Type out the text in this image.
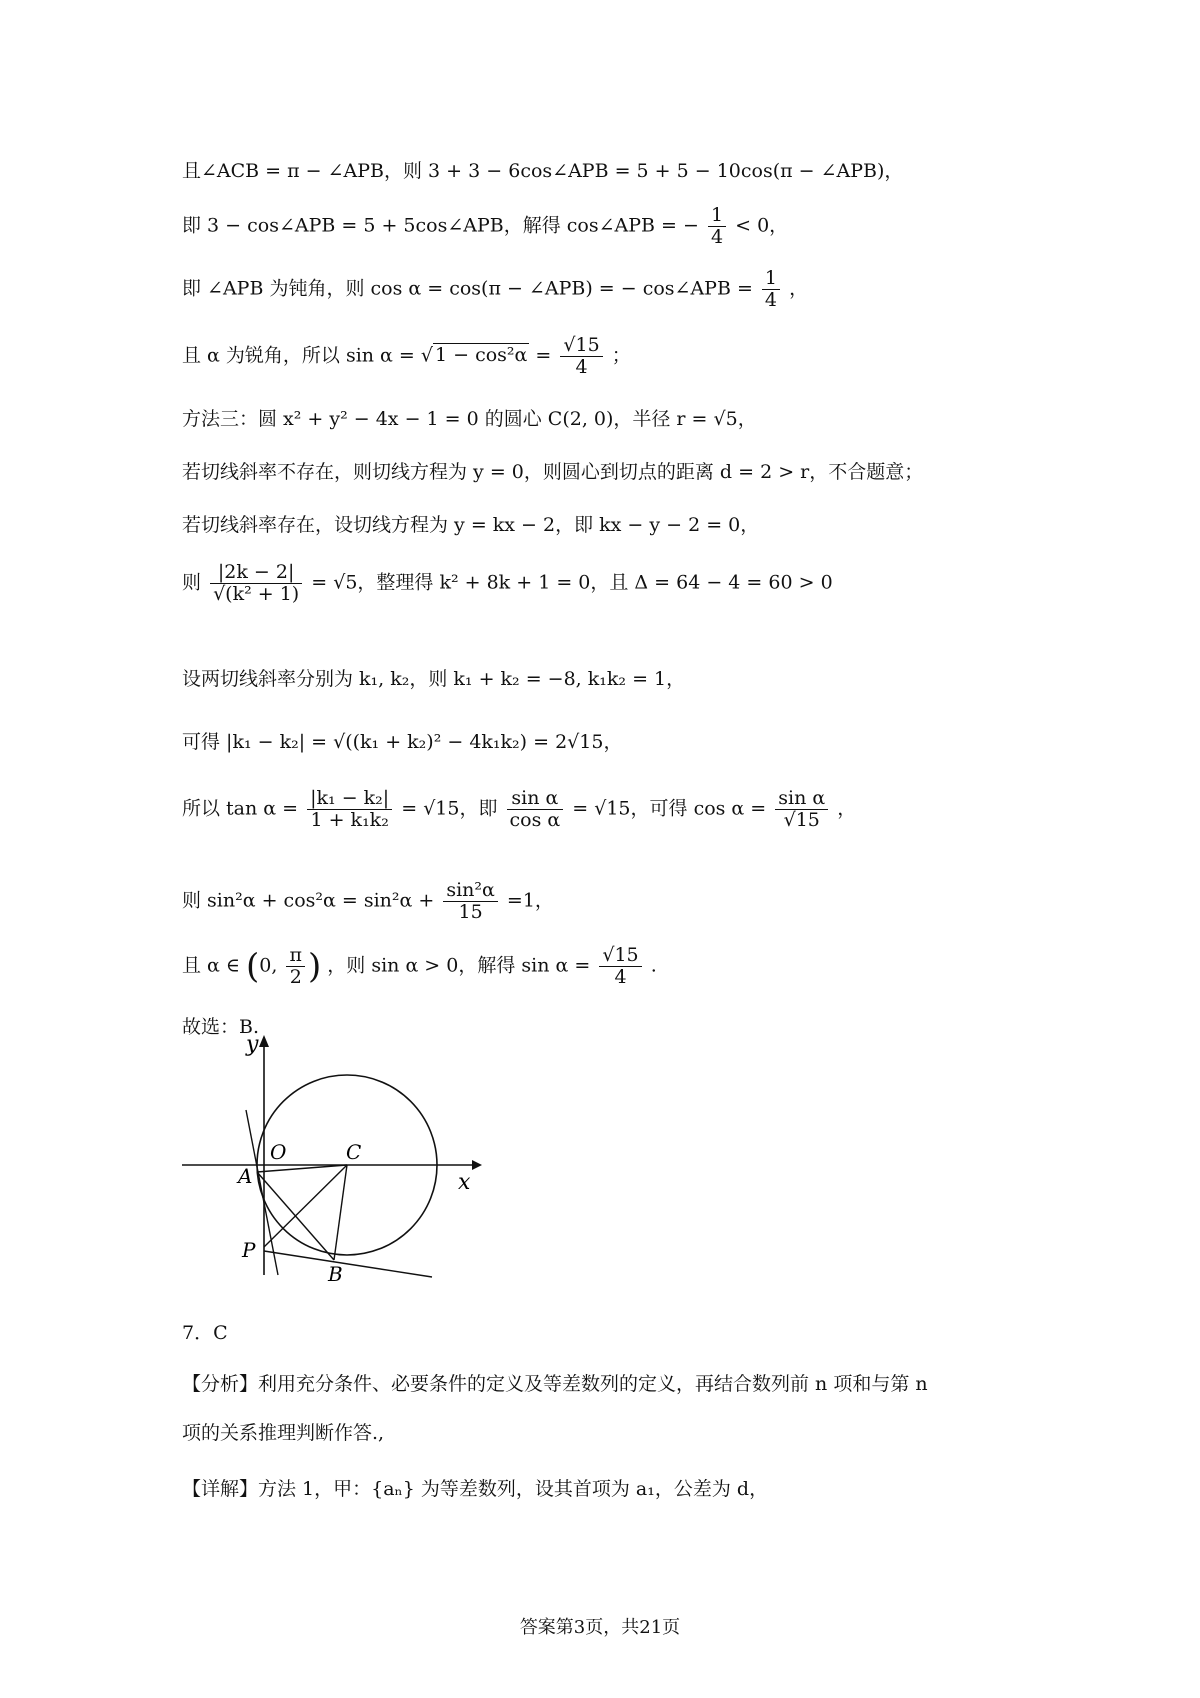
且∠ACB = π − ∠APB，则 3 + 3 − 6cos∠APB = 5 + 5 − 10cos(π − ∠APB)，
即 3 − cos∠APB = 5 + 5cos∠APB，解得 cos∠APB = − $\frac{1}{4} < 0$，
即 ∠APB 为钝角，则 cos α = cos(π − ∠APB) = − cos∠APB = $\frac{1}{4}$ ，
且 α 为锐角，所以 sin α = √ $1 - \cos^2\alpha = \frac{√15}{4}$ ；
方法三：圆 x² + y² − 4x − 1 = 0 的圆心 C(2, 0)，半径 r = √5，
若切线斜率不存在，则切线方程为 y = 0，则圆心到切点的距离 d = 2 > r，不合题意；
若切线斜率存在，设切线方程为 y = kx − 2，即 kx − y − 2 = 0，
则 $\frac{|2k - 2|}{\text{√(k² + 1)}} = √5$，整理得 k² + 8k + 1 = 0，且 Δ = 64 − 4 = 60 > 0
设两切线斜率分别为 k₁, k₂，则 k₁ + k₂ = −8, k₁k₂ = 1，
可得 |k₁ − k₂| = √((k₁ + k₂)² − 4k₁k₂) = 2√15，
所以 $\tan \alpha = \frac{\text{|k₁ − k₂|}}{\text{1 + k₁k₂}} = √15$，即 $\frac{\text{sin α}}{\text{cos α}} = √15$，可得 $\cos \alpha = \frac{\text{sin α}}{√15}$ ，
则 $\sin^2\alpha + \cos^2\alpha = \sin^2\alpha + \frac{\text{sin²α}}{15} =1$，
且 α ∈ (0, $\frac{\pi}{2}$ ) ，则 sin α > 0，解得 $\sin \alpha = \frac{√15}{4}$ .
故选：B.
y
x
O	C
A
P
B
7．C
【分析】利用充分条件、必要条件的定义及等差数列的定义，再结合数列前 n 项和与第 n
项的关系推理判断作答.,
【详解】方法 1，甲：{aₙ} 为等差数列，设其首项为 a₁，公差为 d，
答案第3页，共21页
